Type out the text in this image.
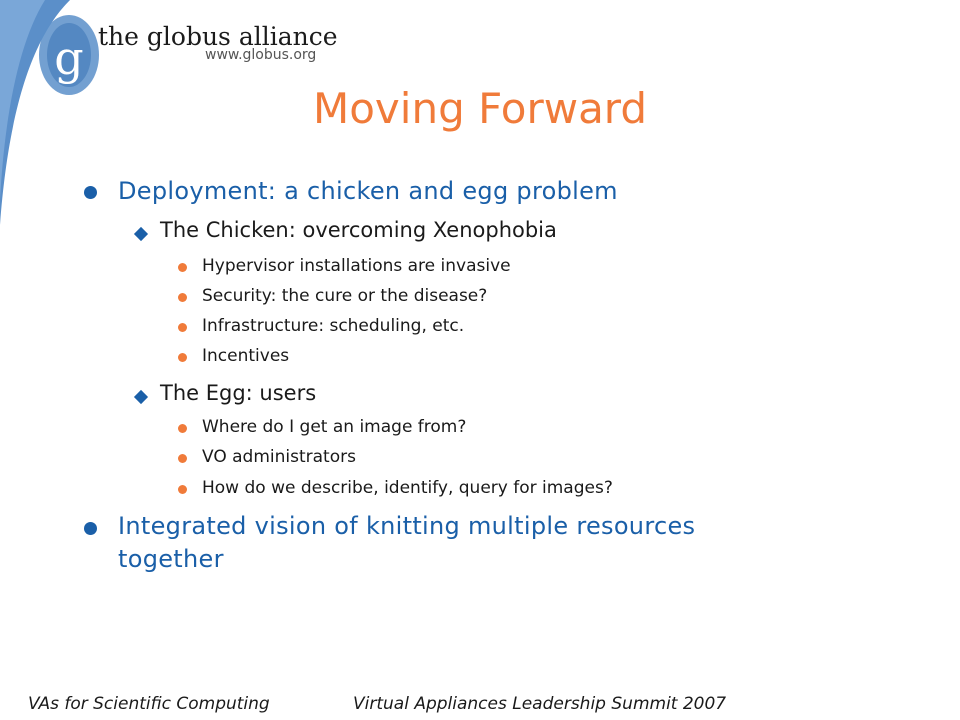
g the globus alliance
www.globus.org
Moving Forward
Deployment: a chicken and egg problem
The Chicken: overcoming Xenophobia
Hypervisor installations are invasive
Security: the cure or the disease?
Infrastructure: scheduling, etc.
Incentives
The Egg: users
Where do I get an image from?
VO administrators
How do we describe, identify, query for images?
Integrated vision of knitting multiple resources
together
VAs for Scientific Computing	Virtual Appliances Leadership Summit 2007
